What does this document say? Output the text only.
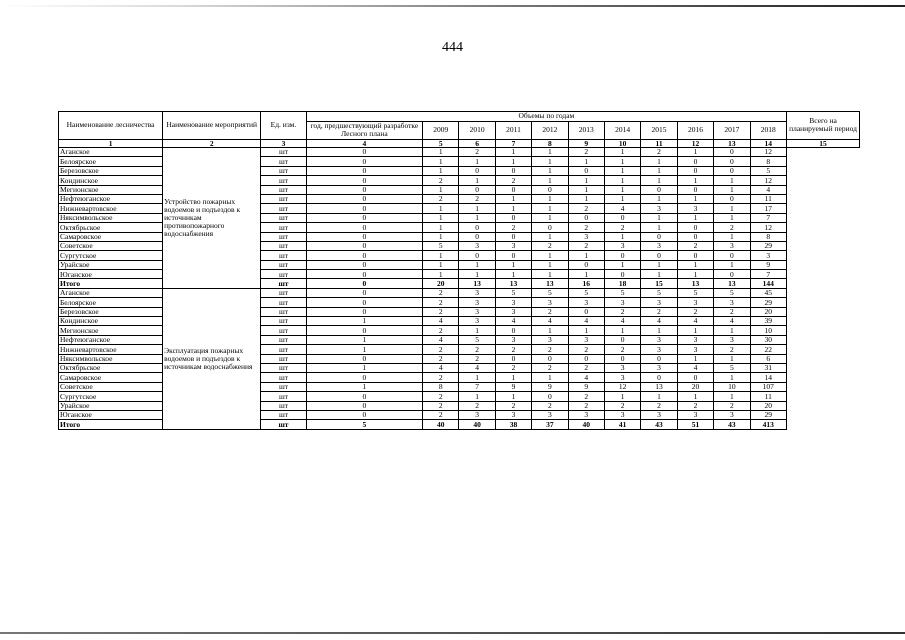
444
Наименование лесничества	Наименование мероприятий	Ед. изм.	Объемы по годам											Всего на планируемый период
			год, предшествующий разработке Лесного плана	2009	2010	2011	2012	2013	2014	2015	2016	2017	2018	
1	2	3	4	5	6	7	8	9	10	11	12	13	14	15
Аганское	Устройство пожарных водоемов и подъездов к источникам противопожарного водоснабжения	шт	0	1	2	1	1	2	1	2	1	0	12	
Белоярское		шт	0	1	1	1	1	1	1	1	0	0	8	
Березовское		шт	0	1	0	0	1	0	1	1	0	0	5	
Кондинское		шт	0	2	1	2	1	1	1	1	1	1	12	
Мегионское		шт	0	1	0	0	0	1	1	0	0	1	4	
Нефтеюганское		шт	0	2	2	1	1	1	1	1	1	0	11	
Нижневартовское		шт	0	1	1	1	1	2	4	3	3	1	17	
Няксимвольское		шт	0	1	1	0	1	0	0	1	1	1	7	
Октябрьское		шт	0	1	0	2	0	2	2	1	0	2	12	
Самаровское		шт	0	1	0	0	1	3	1	0	0	1	8	
Советское		шт	0	5	3	3	2	2	3	3	2	3	29	
Сургутское		шт	0	1	0	0	1	1	0	0	0	0	3	
Урайское		шт	0	1	1	1	1	0	1	1	1	1	9	
Юганское		шт	0	1	1	1	1	1	0	1	1	0	7	
Итого		шт	0	20	13	13	13	16	18	15	13	13	144	
Аганское	Эксплуатация пожарных водоемов и подъездов к источникам водоснабжения	шт	0	2	3	5	5	5	5	5	5	5	45	
Белоярское		шт	0	2	3	3	3	3	3	3	3	3	29	
Березовское		шт	0	2	3	3	2	0	2	2	2	2	20	
Кондинское		шт	1	4	3	4	4	4	4	4	4	4	39	
Мегионское		шт	0	2	1	0	1	1	1	1	1	1	10	
Нефтеюганское		шт	1	4	5	3	3	3	0	3	3	3	30	
Нижневартовское		шт	1	2	2	2	2	2	2	3	3	2	22	
Няксимвольское		шт	0	2	2	0	0	0	0	0	1	1	6	
Октябрьское		шт	1	4	4	2	2	2	3	3	4	5	31	
Самаровское		шт	0	2	1	1	1	4	3	0	0	1	14	
Советское		шт	1	8	7	9	9	9	12	13	20	10	107	
Сургутское		шт	0	2	1	1	0	2	1	1	1	1	11	
Урайское		шт	0	2	2	2	2	2	2	2	2	2	20	
Юганское		шт	0	2	3	3	3	3	3	3	3	3	29	
Итого		шт	5	40	40	38	37	40	41	43	51	43	413	
